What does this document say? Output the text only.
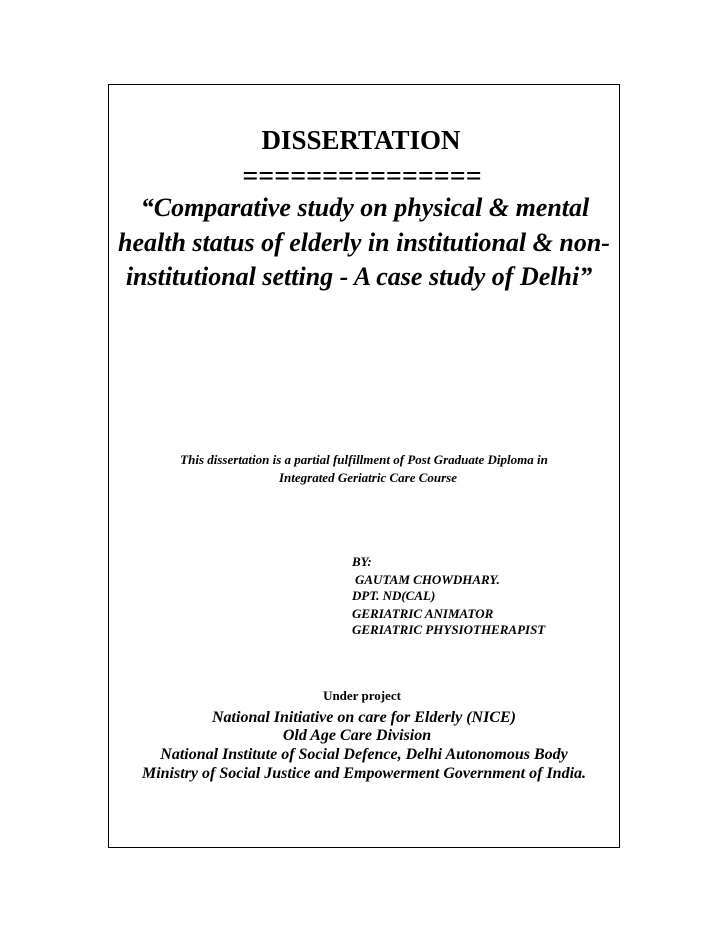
DISSERTATION
===============
“Comparative study on physical & mental
health status of elderly in institutional & non-
institutional setting - A case study of Delhi”
This dissertation is a partial fulfillment of Post Graduate Diploma in
Integrated Geriatric Care Course
BY:
GAUTAM CHOWDHARY.
DPT. ND(CAL)
GERIATRIC ANIMATOR
GERIATRIC PHYSIOTHERAPIST
Under project
National Initiative on care for Elderly (NICE)
Old Age Care Division
National Institute of Social Defence, Delhi Autonomous Body
Ministry of Social Justice and Empowerment Government of India.
